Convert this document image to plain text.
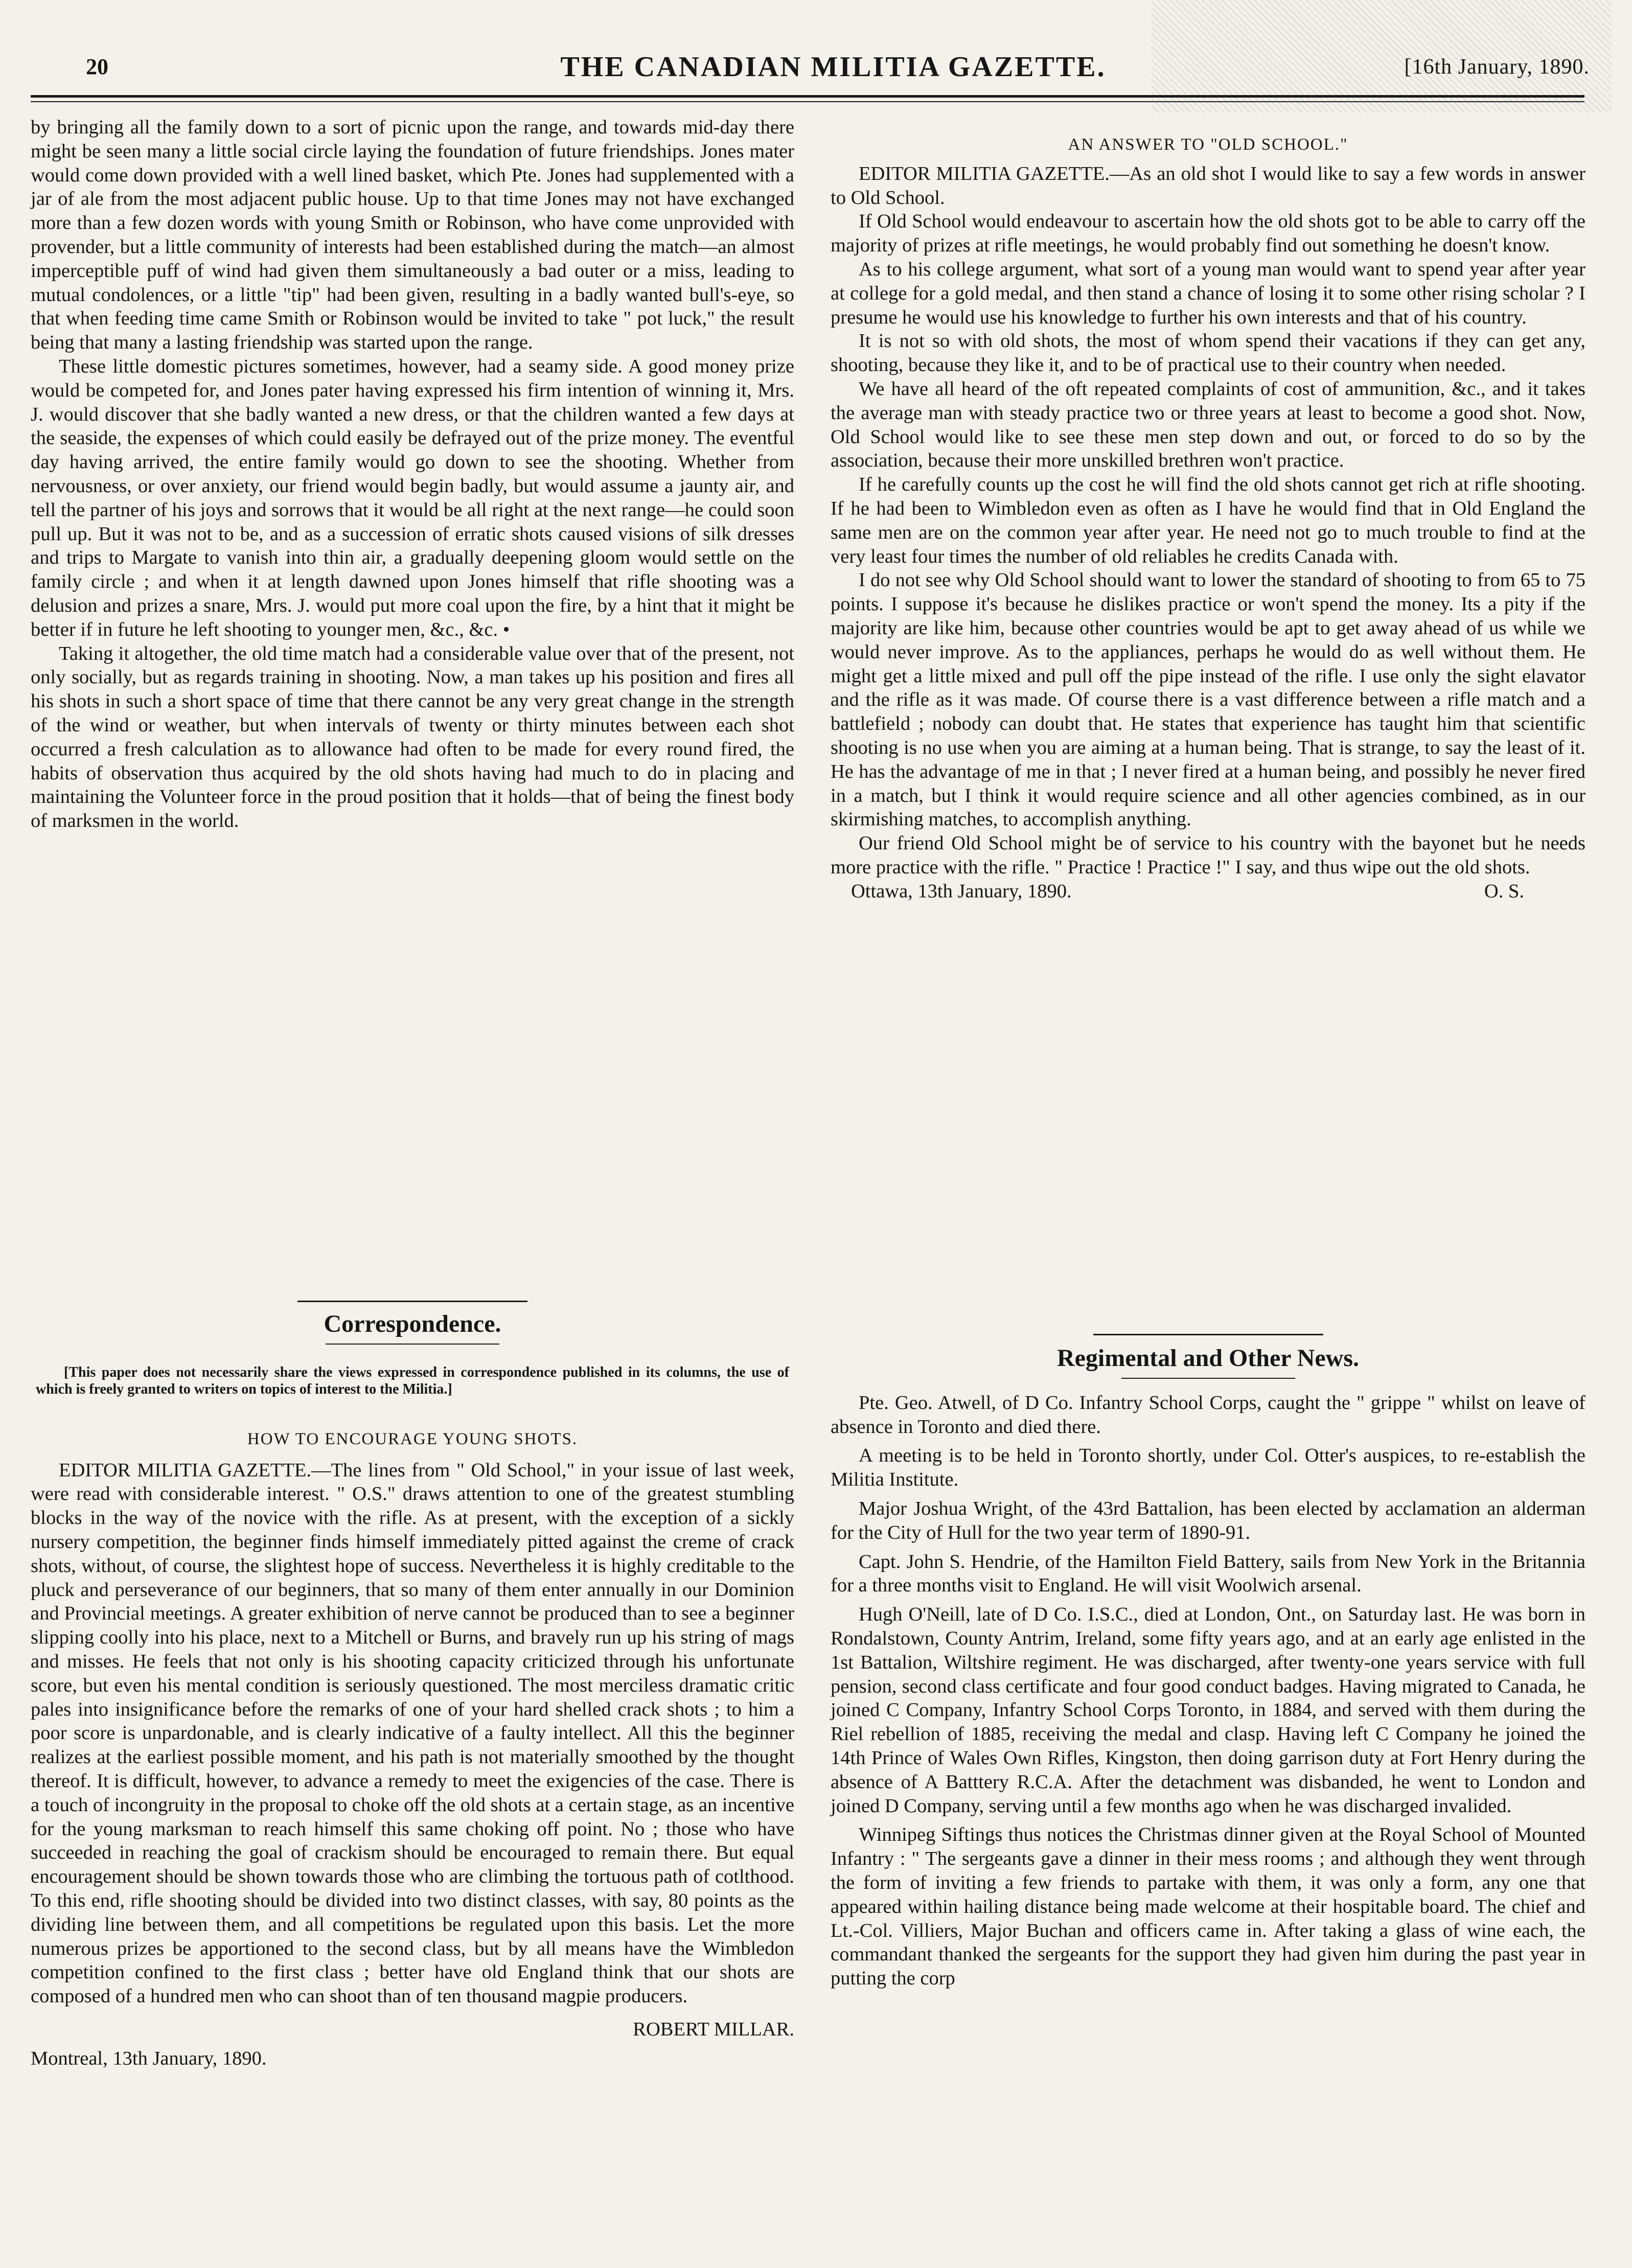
20	THE CANADIAN MILITIA GAZETTE.	[16th January, 1890.

by bringing all the family down to a sort of picnic upon the range, and towards mid-day there might be seen many a little social circle laying the foundation of future friendships. Jones mater would come down provided with a well lined basket, which Pte. Jones had supplemented with a jar of ale from the most adjacent public house. Up to that time Jones may not have exchanged more than a few dozen words with young Smith or Robinson, who have come unprovided with provender, but a little community of interests had been established during the match—an almost imperceptible puff of wind had given them simultaneously a bad outer or a miss, leading to mutual condolences, or a little "tip" had been given, resulting in a badly wanted bull's-eye, so that when feeding time came Smith or Robinson would be invited to take " pot luck," the result being that many a lasting friendship was started upon the range.

These little domestic pictures sometimes, however, had a seamy side. A good money prize would be competed for, and Jones pater having expressed his firm intention of winning it, Mrs. J. would discover that she badly wanted a new dress, or that the children wanted a few days at the seaside, the expenses of which could easily be defrayed out of the prize money. The eventful day having arrived, the entire family would go down to see the shooting. Whether from nervousness, or over anxiety, our friend would begin badly, but would assume a jaunty air, and tell the partner of his joys and sorrows that it would be all right at the next range—he could soon pull up. But it was not to be, and as a succession of erratic shots caused visions of silk dresses and trips to Margate to vanish into thin air, a gradually deepening gloom would settle on the family circle ; and when it at length dawned upon Jones himself that rifle shooting was a delusion and prizes a snare, Mrs. J. would put more coal upon the fire, by a hint that it might be better if in future he left shooting to younger men, &c., &c. •

Taking it altogether, the old time match had a considerable value over that of the present, not only socially, but as regards training in shooting. Now, a man takes up his position and fires all his shots in such a short space of time that there cannot be any very great change in the strength of the wind or weather, but when intervals of twenty or thirty minutes between each shot occurred a fresh calculation as to allowance had often to be made for every round fired, the habits of observation thus acquired by the old shots having had much to do in placing and maintaining the Volunteer force in the proud position that it holds—that of being the finest body of marksmen in the world.

Correspondence.

[This paper does not necessarily share the views expressed in correspondence published in its columns, the use of which is freely granted to writers on topics of interest to the Militia.]

HOW TO ENCOURAGE YOUNG SHOTS.

EDITOR MILITIA GAZETTE.—The lines from " Old School," in your issue of last week, were read with considerable interest. " O.S." draws attention to one of the greatest stumbling blocks in the way of the novice with the rifle. As at present, with the exception of a sickly nursery competition, the beginner finds himself immediately pitted against the creme of crack shots, without, of course, the slightest hope of success. Nevertheless it is highly creditable to the pluck and perseverance of our beginners, that so many of them enter annually in our Dominion and Provincial meetings. A greater exhibition of nerve cannot be produced than to see a beginner slipping coolly into his place, next to a Mitchell or Burns, and bravely run up his string of mags and misses. He feels that not only is his shooting capacity criticized through his unfortunate score, but even his mental condition is seriously questioned. The most merciless dramatic critic pales into insignificance before the remarks of one of your hard shelled crack shots ; to him a poor score is unpardonable, and is clearly indicative of a faulty intellect. All this the beginner realizes at the earliest possible moment, and his path is not materially smoothed by the thought thereof. It is difficult, however, to advance a remedy to meet the exigencies of the case. There is a touch of incongruity in the proposal to choke off the old shots at a certain stage, as an incentive for the young marksman to reach himself this same choking off point. No ; those who have succeeded in reaching the goal of crackism should be encouraged to remain there. But equal encouragement should be shown towards those who are climbing the tortuous path of cotlthood. To this end, rifle shooting should be divided into two distinct classes, with say, 80 points as the dividing line between them, and all competitions be regulated upon this basis. Let the more numerous prizes be apportioned to the second class, but by all means have the Wimbledon competition confined to the first class ; better have old England think that our shots are composed of a hundred men who can shoot than of ten thousand magpie producers.

ROBERT MILLAR.

Montreal, 13th January, 1890.

AN ANSWER TO "OLD SCHOOL."

EDITOR MILITIA GAZETTE.—As an old shot I would like to say a few words in answer to Old School.

If Old School would endeavour to ascertain how the old shots got to be able to carry off the majority of prizes at rifle meetings, he would probably find out something he doesn't know.

As to his college argument, what sort of a young man would want to spend year after year at college for a gold medal, and then stand a chance of losing it to some other rising scholar ? I presume he would use his knowledge to further his own interests and that of his country.

It is not so with old shots, the most of whom spend their vacations if they can get any, shooting, because they like it, and to be of practical use to their country when needed.

We have all heard of the oft repeated complaints of cost of ammunition, &c., and it takes the average man with steady practice two or three years at least to become a good shot. Now, Old School would like to see these men step down and out, or forced to do so by the association, because their more unskilled brethren won't practice.

If he carefully counts up the cost he will find the old shots cannot get rich at rifle shooting. If he had been to Wimbledon even as often as I have he would find that in Old England the same men are on the common year after year. He need not go to much trouble to find at the very least four times the number of old reliables he credits Canada with.

I do not see why Old School should want to lower the standard of shooting to from 65 to 75 points. I suppose it's because he dislikes practice or won't spend the money. Its a pity if the majority are like him, because other countries would be apt to get away ahead of us while we would never improve. As to the appliances, perhaps he would do as well without them. He might get a little mixed and pull off the pipe instead of the rifle. I use only the sight elavator and the rifle as it was made. Of course there is a vast difference between a rifle match and a battlefield ; nobody can doubt that. He states that experience has taught him that scientific shooting is no use when you are aiming at a human being. That is strange, to say the least of it. He has the advantage of me in that ; I never fired at a human being, and possibly he never fired in a match, but I think it would require science and all other agencies combined, as in our skirmishing matches, to accomplish anything.

Our friend Old School might be of service to his country with the bayonet but he needs more practice with the rifle. " Practice ! Practice !" I say, and thus wipe out the old shots.

Ottawa, 13th January, 1890.	O. S.
Regimental and Other News.

Pte. Geo. Atwell, of D Co. Infantry School Corps, caught the " grippe " whilst on leave of absence in Toronto and died there.

A meeting is to be held in Toronto shortly, under Col. Otter's auspices, to re-establish the Militia Institute.

Major Joshua Wright, of the 43rd Battalion, has been elected by acclamation an alderman for the City of Hull for the two year term of 1890-91.

Capt. John S. Hendrie, of the Hamilton Field Battery, sails from New York in the Britannia for a three months visit to England. He will visit Woolwich arsenal.

Hugh O'Neill, late of D Co. I.S.C., died at London, Ont., on Saturday last. He was born in Rondalstown, County Antrim, Ireland, some fifty years ago, and at an early age enlisted in the 1st Battalion, Wiltshire regiment. He was discharged, after twenty-one years service with full pension, second class certificate and four good conduct badges. Having migrated to Canada, he joined C Company, Infantry School Corps Toronto, in 1884, and served with them during the Riel rebellion of 1885, receiving the medal and clasp. Having left C Company he joined the 14th Prince of Wales Own Rifles, Kingston, then doing garrison duty at Fort Henry during the absence of A Batttery R.C.A. After the detachment was disbanded, he went to London and joined D Company, serving until a few months ago when he was discharged invalided.

Winnipeg Siftings thus notices the Christmas dinner given at the Royal School of Mounted Infantry : " The sergeants gave a dinner in their mess rooms ; and although they went through the form of inviting a few friends to partake with them, it was only a form, any one that appeared within hailing distance being made welcome at their hospitable board. The chief and Lt.-Col. Villiers, Major Buchan and officers came in. After taking a glass of wine each, the commandant thanked the sergeants for the support they had given him during the past year in putting the corp
